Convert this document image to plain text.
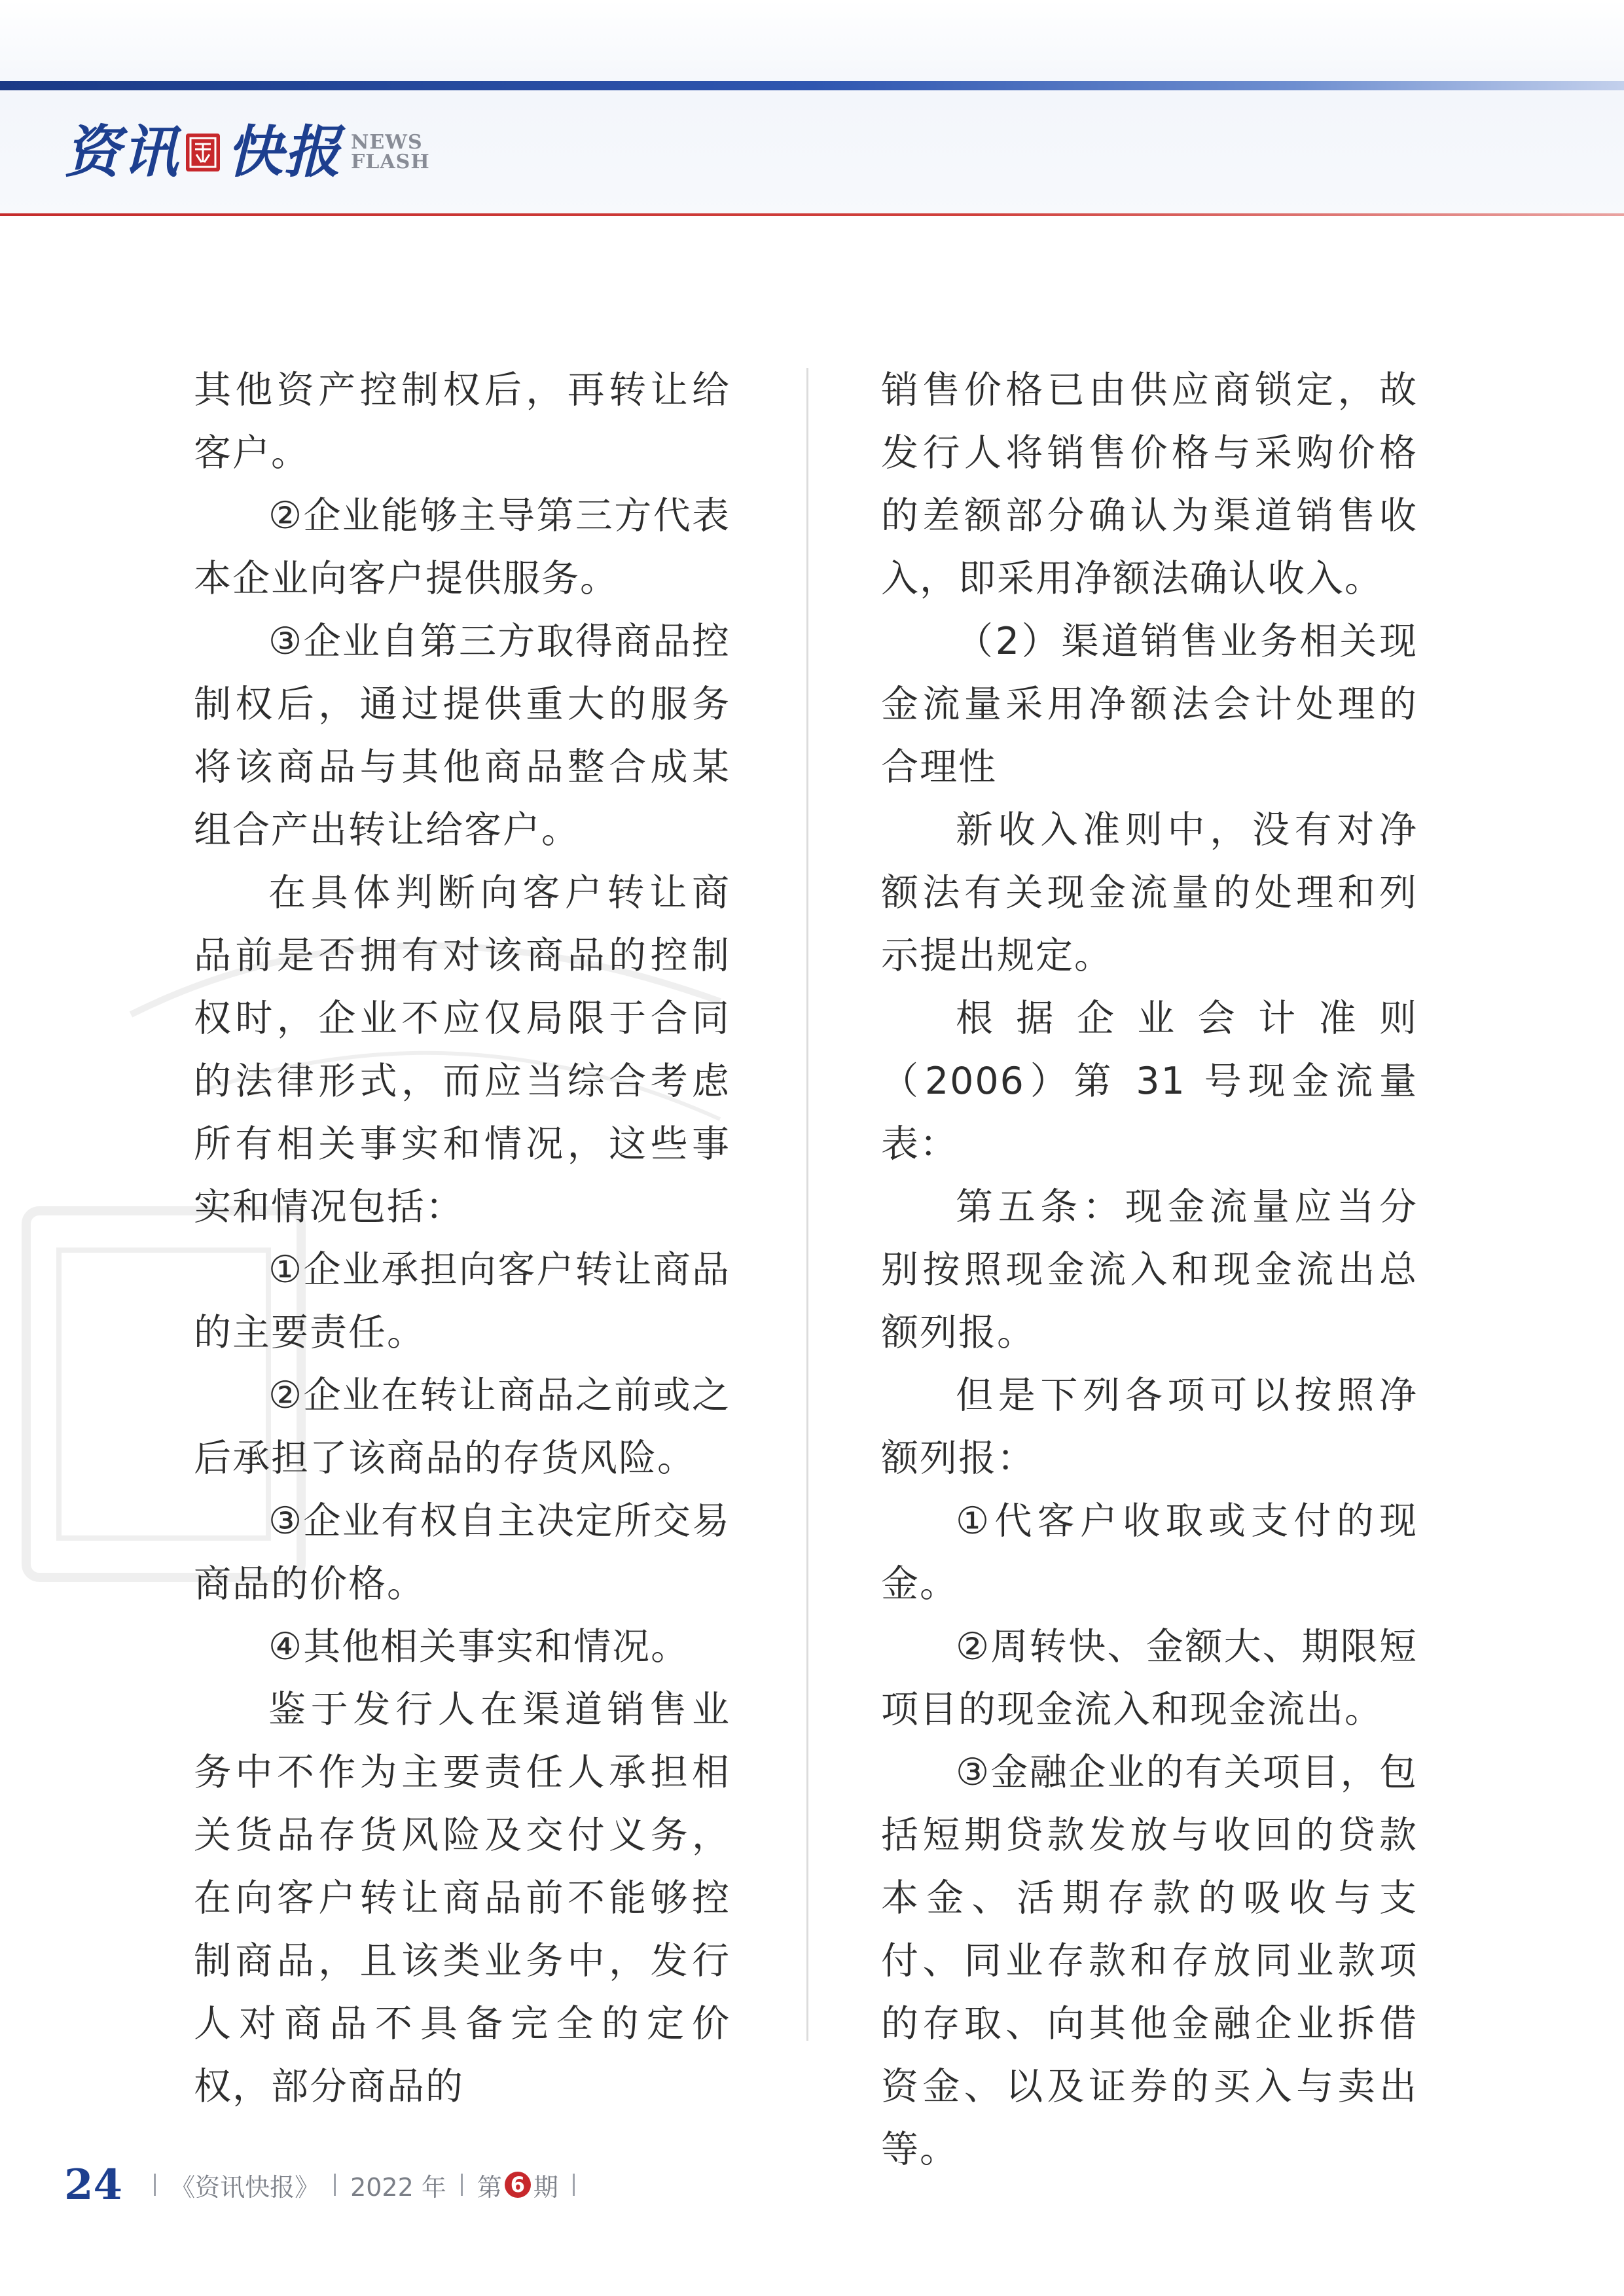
资讯 快报 NEWS
FLASH

其他资产控制权后，再转让给客户。

②企业能够主导第三方代表本企业向客户提供服务。

③企业自第三方取得商品控制权后，通过提供重大的服务将该商品与其他商品整合成某组合产出转让给客户。

在具体判断向客户转让商品前是否拥有对该商品的控制权时，企业不应仅局限于合同的法律形式，而应当综合考虑所有相关事实和情况，这些事实和情况包括：

①企业承担向客户转让商品的主要责任。

②企业在转让商品之前或之后承担了该商品的存货风险。

③企业有权自主决定所交易商品的价格。

④其他相关事实和情况。

鉴于发行人在渠道销售业务中不作为主要责任人承担相关货品存货风险及交付义务，在向客户转让商品前不能够控制商品，且该类业务中，发行人对商品不具备完全的定价权，部分商品的

销售价格已由供应商锁定，故发行人将销售价格与采购价格的差额部分确认为渠道销售收入，即采用净额法确认收入。

（2）渠道销售业务相关现金流量采用净额法会计处理的合理性

新收入准则中，没有对净额法有关现金流量的处理和列示提出规定。

根据企业会计准则（2006）第 31 号现金流量表：

第五条：现金流量应当分别按照现金流入和现金流出总额列报。

但是下列各项可以按照净额列报：

①代客户收取或支付的现金。

②周转快、金额大、期限短项目的现金流入和现金流出。

③金融企业的有关项目，包括短期贷款发放与收回的贷款本金、活期存款的吸收与支付、同业存款和存放同业款项的存取、向其他金融企业拆借资金、以及证券的买入与卖出等。

24 《资讯快报》 2022 年 第 6 期
